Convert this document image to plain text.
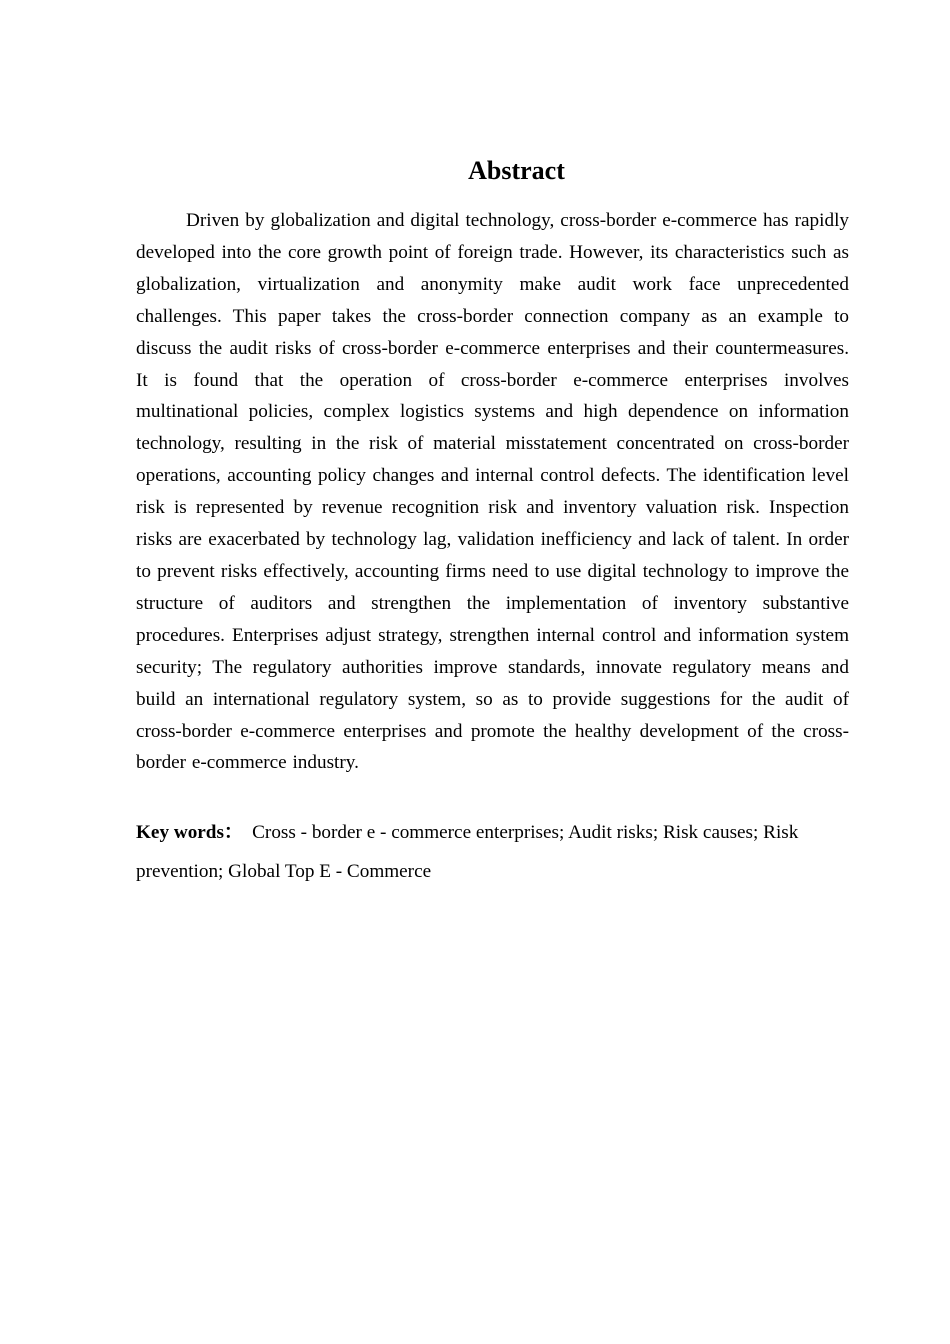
Abstract

Driven by globalization and digital technology, cross-border e-commerce has rapidly developed into the core growth point of foreign trade. However, its characteristics such as globalization, virtualization and anonymity make audit work face unprecedented challenges. This paper takes the cross-border connection company as an example to discuss the audit risks of cross-border e-commerce enterprises and their countermeasures. It is found that the operation of cross-border e-commerce enterprises involves multinational policies, complex logistics systems and high dependence on information technology, resulting in the risk of material misstatement concentrated on cross-border operations, accounting policy changes and internal control defects. The identification level risk is represented by revenue recognition risk and inventory valuation risk. Inspection risks are exacerbated by technology lag, validation inefficiency and lack of talent. In order to prevent risks effectively, accounting firms need to use digital technology to improve the structure of auditors and strengthen the implementation of inventory substantive procedures. Enterprises adjust strategy, strengthen internal control and information system security; The regulatory authorities improve standards, innovate regulatory means and build an international regulatory system, so as to provide suggestions for the audit of cross-border e-commerce enterprises and promote the healthy development of the cross-border e-commerce industry.

Key words： Cross - border e - commerce enterprises; Audit risks; Risk causes; Risk prevention; Global Top E - Commerce
